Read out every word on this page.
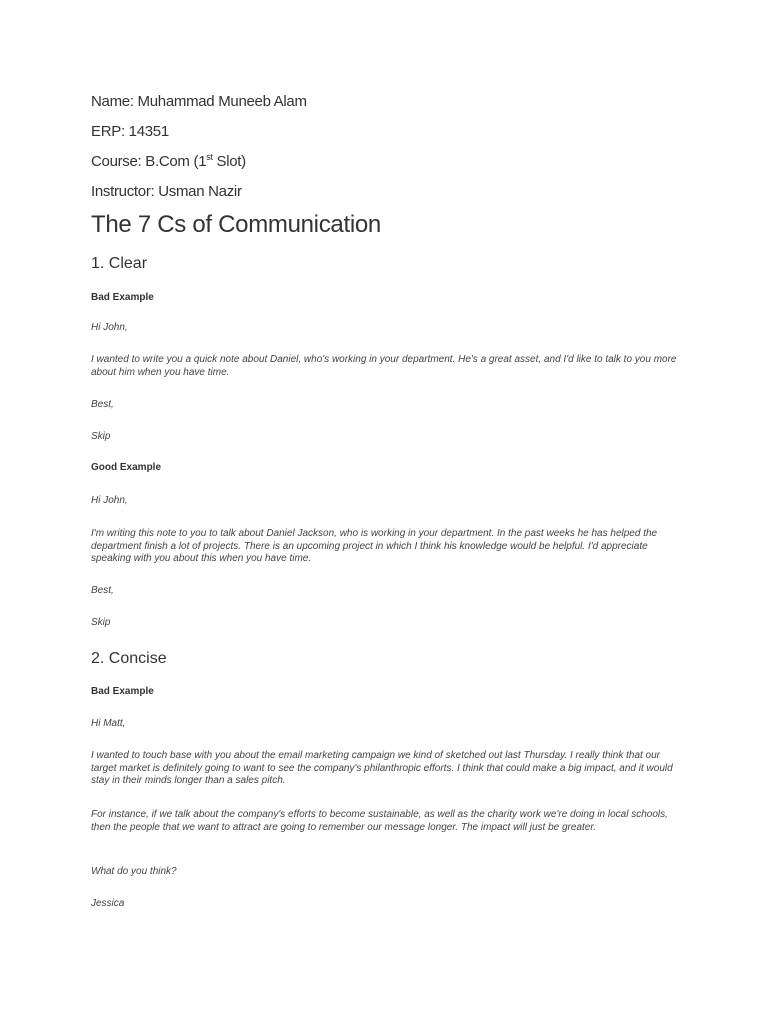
Name: Muhammad Muneeb Alam
ERP: 14351
Course: B.Com (1st Slot)
Instructor: Usman Nazir
The 7 Cs of Communication
1. Clear
Bad Example
Hi John,
I wanted to write you a quick note about Daniel, who's working in your department. He's a great asset, and I'd like to talk to you more about him when you have time.
Best,
Skip
Good Example
Hi John,
I'm writing this note to you to talk about Daniel Jackson, who is working in your department. In the past weeks he has helped the department finish a lot of projects. There is an upcoming project in which I think his knowledge would be helpful. I'd appreciate speaking with you about this when you have time.
Best,
Skip
2. Concise
Bad Example
Hi Matt,
I wanted to touch base with you about the email marketing campaign we kind of sketched out last Thursday. I really think that our target market is definitely going to want to see the company's philanthropic efforts. I think that could make a big impact, and it would stay in their minds longer than a sales pitch.
For instance, if we talk about the company's efforts to become sustainable, as well as the charity work we're doing in local schools, then the people that we want to attract are going to remember our message longer. The impact will just be greater.
What do you think?
Jessica
